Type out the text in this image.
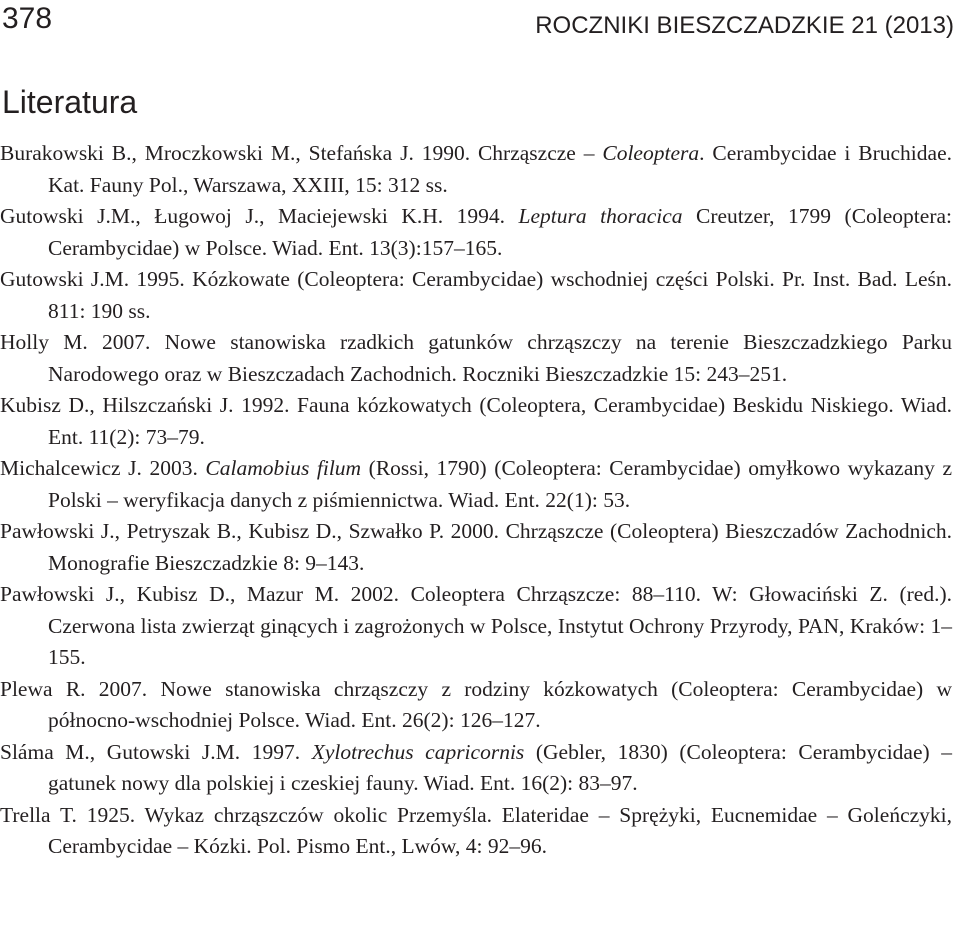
378	ROCZNIKI BIESZCZADZKIE 21 (2013)
Literatura
Burakowski B., Mroczkowski M., Stefańska J. 1990. Chrząszcze – Coleoptera. Cerambycidae i Bruchidae. Kat. Fauny Pol., Warszawa, XXIII, 15: 312 ss.
Gutowski J.M., Ługowoj J., Maciejewski K.H. 1994. Leptura thoracica Creutzer, 1799 (Coleoptera: Cerambycidae) w Polsce. Wiad. Ent. 13(3):157–165.
Gutowski J.M. 1995. Kózkowate (Coleoptera: Cerambycidae) wschodniej części Polski. Pr. Inst. Bad. Leśn. 811: 190 ss.
Holly M. 2007. Nowe stanowiska rzadkich gatunków chrząszczy na terenie Bieszczadzkiego Parku Narodowego oraz w Bieszczadach Zachodnich. Roczniki Bieszczadzkie 15: 243–251.
Kubisz D., Hilszczański J. 1992. Fauna kózkowatych (Coleoptera, Cerambycidae) Beskidu Niskiego. Wiad. Ent. 11(2): 73–79.
Michalcewicz J. 2003. Calamobius filum (Rossi, 1790) (Coleoptera: Cerambycidae) omyłkowo wykazany z Polski – weryfikacja danych z piśmiennictwa. Wiad. Ent. 22(1): 53.
Pawłowski J., Petryszak B., Kubisz D., Szwałko P. 2000. Chrząszcze (Coleoptera) Bieszczadów Zachodnich. Monografie Bieszczadzkie 8: 9–143.
Pawłowski J., Kubisz D., Mazur M. 2002. Coleoptera Chrząszcze: 88–110. W: Głowaciński Z. (red.). Czerwona lista zwierząt ginących i zagrożonych w Polsce, Instytut Ochrony Przyrody, PAN, Kraków: 1–155.
Plewa R. 2007. Nowe stanowiska chrząszczy z rodziny kózkowatych (Coleoptera: Cerambycidae) w północno-wschodniej Polsce. Wiad. Ent. 26(2): 126–127.
Sláma M., Gutowski J.M. 1997. Xylotrechus capricornis (Gebler, 1830) (Coleoptera: Cerambycidae) – gatunek nowy dla polskiej i czeskiej fauny. Wiad. Ent. 16(2): 83–97.
Trella T. 1925. Wykaz chrząszczów okolic Przemyśla. Elateridae – Sprężyki, Eucnemidae – Goleńczyki, Cerambycidae – Kózki. Pol. Pismo Ent., Lwów, 4: 92–96.
